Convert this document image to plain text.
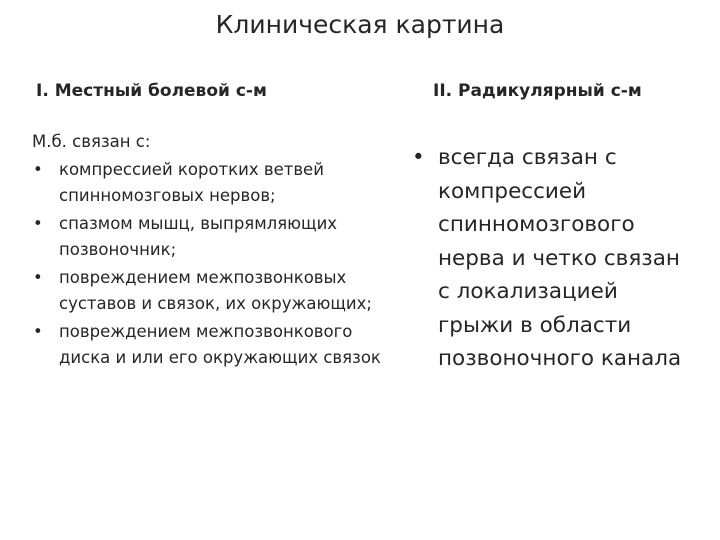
Клиническая картина
I. Местный болевой с-м	II. Радикулярный с-м
М.б. связан с:
• компрессией коротких ветвей спинномозговых нервов;
• спазмом мышц, выпрямляющих позвоночник;
• повреждением межпозвонковых суставов и связок, их окружающих;
• повреждением межпозвонкового диска и или его окружающих связок
• всегда связан с компрессией спинномозгового нерва и четко связан с локализацией грыжи в области позвоночного канала
